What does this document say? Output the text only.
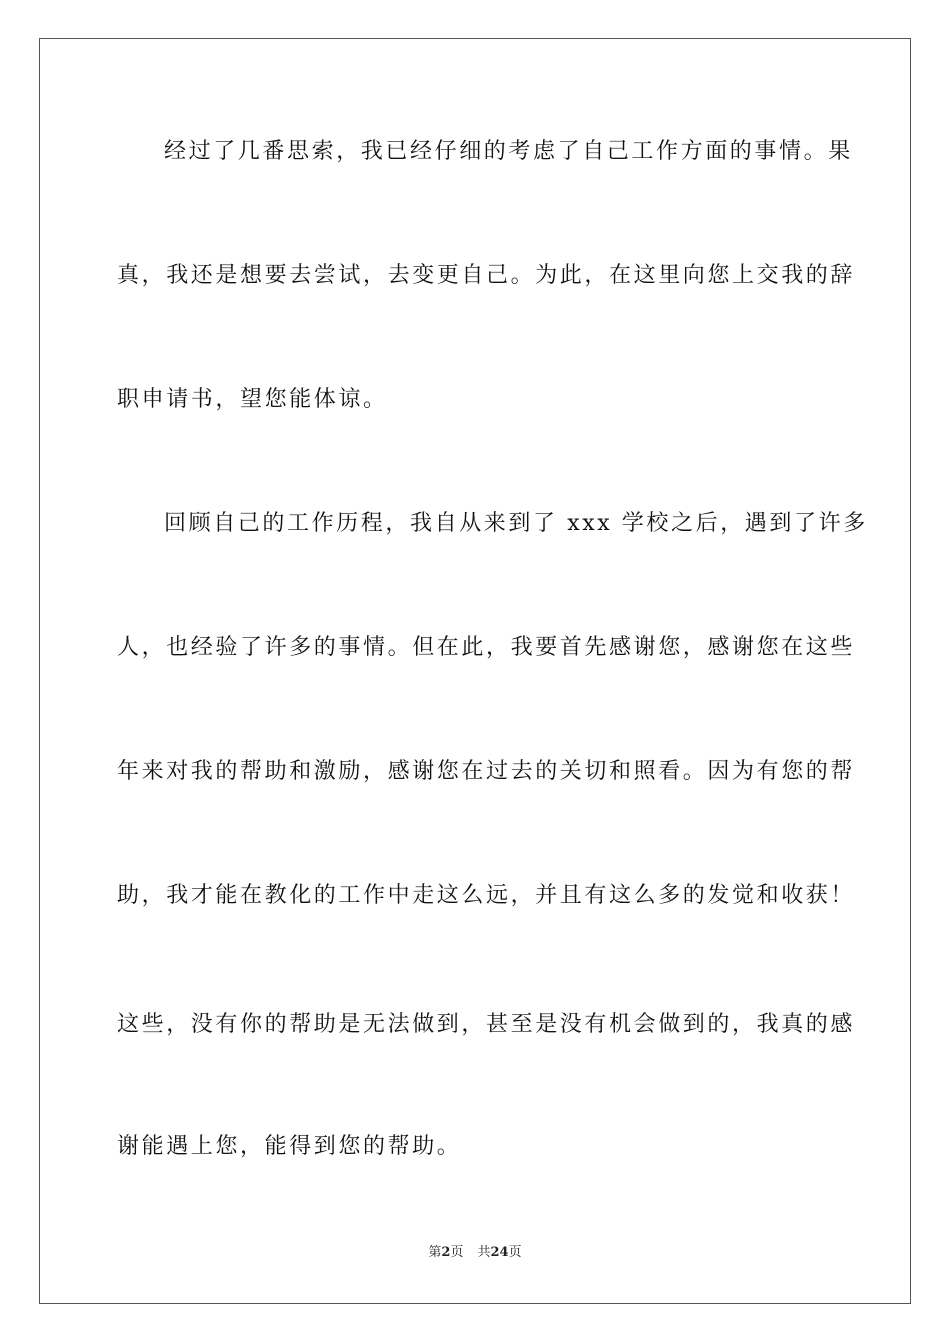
经过了几番思索，我已经仔细的考虑了自己工作方面的事情。果
真，我还是想要去尝试，去变更自己。为此，在这里向您上交我的辞
职申请书，望您能体谅。
回顾自己的工作历程，我自从来到了 xxx 学校之后，遇到了许多
人，也经验了许多的事情。但在此，我要首先感谢您，感谢您在这些
年来对我的帮助和激励，感谢您在过去的关切和照看。因为有您的帮
助，我才能在教化的工作中走这么远，并且有这么多的发觉和收获！
这些，没有你的帮助是无法做到，甚至是没有机会做到的，我真的感
谢能遇上您，能得到您的帮助。
第2页 共24页
